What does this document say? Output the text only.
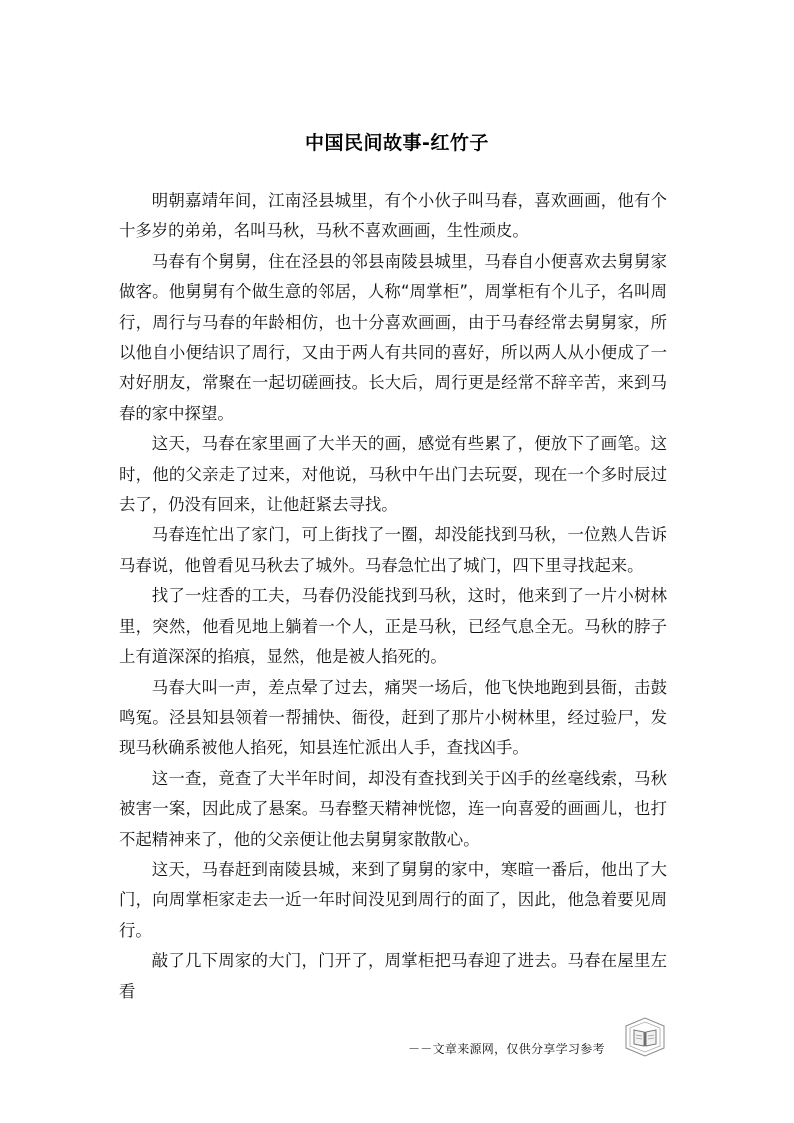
中国民间故事-红竹子

明朝嘉靖年间，江南泾县城里，有个小伙子叫马春，喜欢画画，他有个十多岁的弟弟，名叫马秋，马秋不喜欢画画，生性顽皮。

马春有个舅舅，住在泾县的邻县南陵县城里，马春自小便喜欢去舅舅家做客。他舅舅有个做生意的邻居，人称“周掌柜”，周掌柜有个儿子，名叫周行，周行与马春的年龄相仿，也十分喜欢画画，由于马春经常去舅舅家，所以他自小便结识了周行，又由于两人有共同的喜好，所以两人从小便成了一对好朋友，常聚在一起切磋画技。长大后，周行更是经常不辞辛苦，来到马春的家中探望。

这天，马春在家里画了大半天的画，感觉有些累了，便放下了画笔。这时，他的父亲走了过来，对他说，马秋中午出门去玩耍，现在一个多时辰过去了，仍没有回来，让他赶紧去寻找。

马春连忙出了家门，可上街找了一圈，却没能找到马秋，一位熟人告诉马春说，他曾看见马秋去了城外。马春急忙出了城门，四下里寻找起来。

找了一炷香的工夫，马春仍没能找到马秋，这时，他来到了一片小树林里，突然，他看见地上躺着一个人，正是马秋，已经气息全无。马秋的脖子上有道深深的掐痕，显然，他是被人掐死的。

马春大叫一声，差点晕了过去，痛哭一场后，他飞快地跑到县衙，击鼓鸣冤。泾县知县领着一帮捕快、衙役，赶到了那片小树林里，经过验尸，发现马秋确系被他人掐死，知县连忙派出人手，查找凶手。

这一查，竟查了大半年时间，却没有查找到关于凶手的丝毫线索，马秋被害一案，因此成了悬案。马春整天精神恍惚，连一向喜爱的画画儿，也打不起精神来了，他的父亲便让他去舅舅家散散心。

这天，马春赶到南陵县城，来到了舅舅的家中，寒暄一番后，他出了大门，向周掌柜家走去一近一年时间没见到周行的面了，因此，他急着要见周行。

敲了几下周家的大门，门开了，周掌柜把马春迎了进去。马春在屋里左看

－－文章来源网，仅供分享学习参考
